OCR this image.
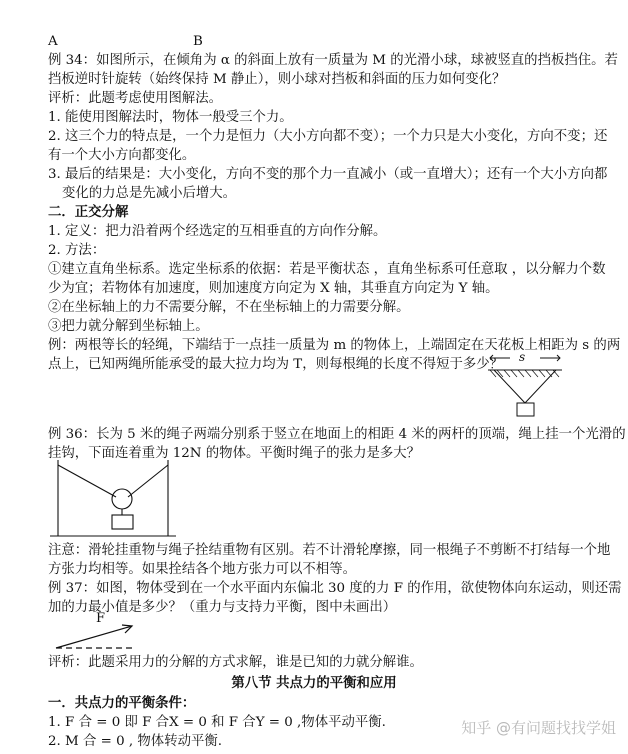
A	B
例 34：如图所示，在倾角为 α 的斜面上放有一质量为 M 的光滑小球，球被竖直的挡板挡住。若
挡板逆时针旋转（始终保持 M 静止），则小球对挡板和斜面的压力如何变化？
评析：此题考虑使用图解法。
1. 能使用图解法时，物体一般受三个力。
2. 这三个力的特点是，一个力是恒力（大小方向都不变）；一个力只是大小变化，方向不变；还
有一个大小方向都变化。
3. 最后的结果是：大小变化，方向不变的那个力一直减小（或一直增大）；还有一个大小方向都
变化的力总是先减小后增大。
二．正交分解
1. 定义：把力沿着两个经选定的互相垂直的方向作分解。
2. 方法：
①建立直角坐标系。选定坐标系的依据：若是平衡状态 ，直角坐标系可任意取 ，以分解力个数
少为宜；若物体有加速度，则加速度方向定为 X 轴，其垂直方向定为 Y 轴。
②在坐标轴上的力不需要分解，不在坐标轴上的力需要分解。
③把力就分解到坐标轴上。
例：两根等长的轻绳，下端结于一点挂一质量为 m 的物体上，上端固定在天花板上相距为 s 的两
点上，已知两绳所能承受的最大拉力均为 T，则每根绳的长度不得短于多少？ s
例 36：长为 5 米的绳子两端分别系于竖立在地面上的相距 4 米的两杆的顶端，绳上挂一个光滑的
挂钩，下面连着重为 12N 的物体。平衡时绳子的张力是多大？
注意：滑轮挂重物与绳子拴结重物有区别。若不计滑轮摩擦，同一根绳子不剪断不打结每一个地
方张力均相等。如果拴结各个地方张力可以不相等。
例 37：如图，物体受到在一个水平面内东偏北 30 度的力 F 的作用，欲使物体向东运动，则还需
加的力最小值是多少？（重力与支持力平衡，图中未画出）
F
评析：此题采用力的分解的方式求解，谁是已知的力就分解谁。
第八节 共点力的平衡和应用
一．共点力的平衡条件：
1. F 合 = 0 即 F 合X = 0 和 F 合Y = 0 ,物体平动平衡.
2. M 合 = 0 , 物体转动平衡.
知乎 @有问题找找学姐
